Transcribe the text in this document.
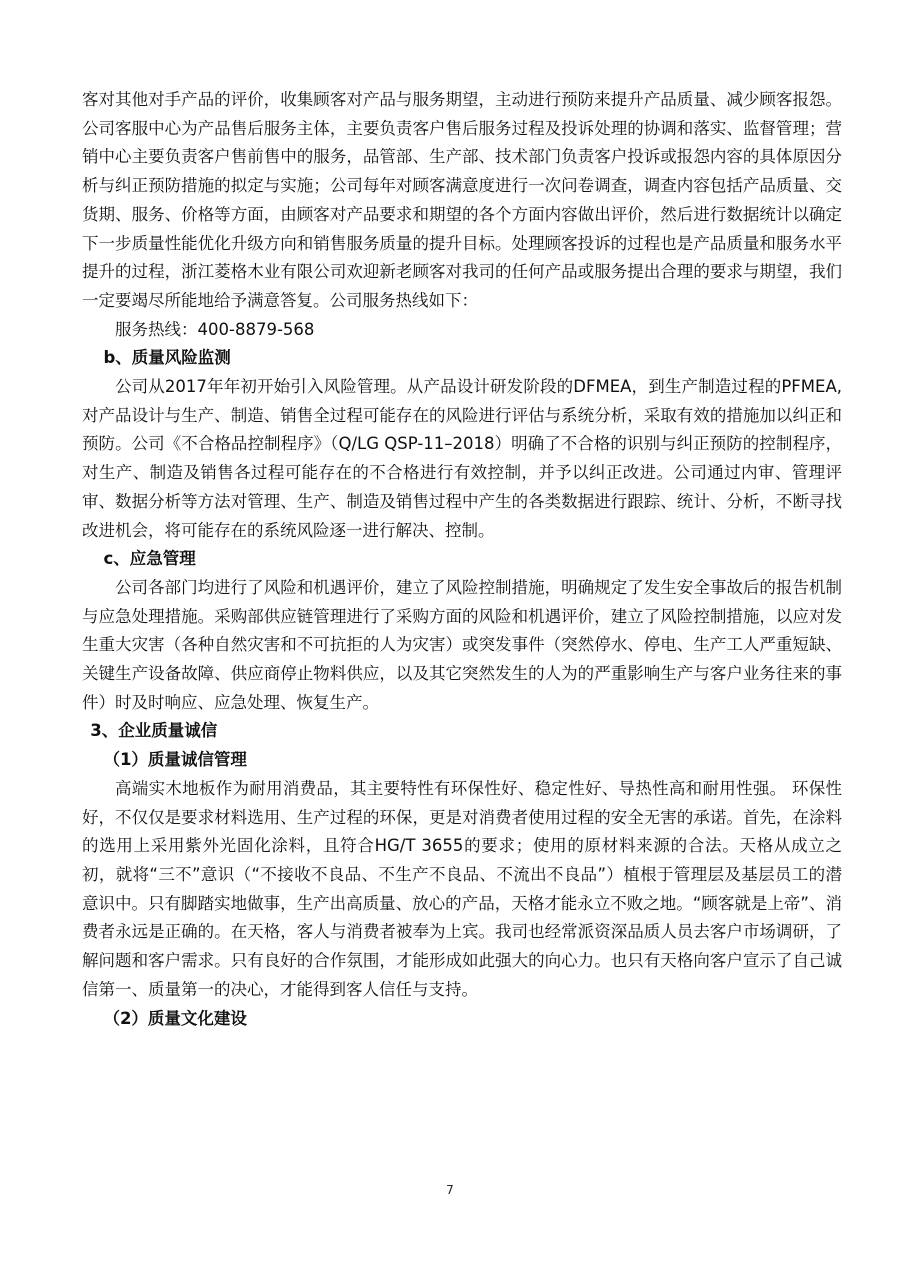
客对其他对手产品的评价，收集顾客对产品与服务期望，主动进行预防来提升产品质量、减少顾客报怨。公司客服中心为产品售后服务主体，主要负责客户售后服务过程及投诉处理的协调和落实、监督管理；营销中心主要负责客户售前售中的服务，品管部、生产部、技术部门负责客户投诉或报怨内容的具体原因分析与纠正预防措施的拟定与实施；公司每年对顾客满意度进行一次问卷调查，调查内容包括产品质量、交货期、服务、价格等方面，由顾客对产品要求和期望的各个方面内容做出评价，然后进行数据统计以确定下一步质量性能优化升级方向和销售服务质量的提升目标。处理顾客投诉的过程也是产品质量和服务水平提升的过程，浙江菱格木业有限公司欢迎新老顾客对我司的任何产品或服务提出合理的要求与期望，我们一定要竭尽所能地给予满意答复。公司服务热线如下：

服务热线：400-8879-568

b、质量风险监测

公司从2017年年初开始引入风险管理。从产品设计研发阶段的DFMEA，到生产制造过程的PFMEA,对产品设计与生产、制造、销售全过程可能存在的风险进行评估与系统分析，采取有效的措施加以纠正和预防。公司《不合格品控制程序》（Q/LG QSP-11–2018）明确了不合格的识别与纠正预防的控制程序，对生产、制造及销售各过程可能存在的不合格进行有效控制，并予以纠正改进。公司通过内审、管理评审、数据分析等方法对管理、生产、制造及销售过程中产生的各类数据进行跟踪、统计、分析，不断寻找改进机会，将可能存在的系统风险逐一进行解决、控制。

c、应急管理

公司各部门均进行了风险和机遇评价，建立了风险控制措施，明确规定了发生安全事故后的报告机制与应急处理措施。采购部供应链管理进行了采购方面的风险和机遇评价，建立了风险控制措施，以应对发生重大灾害（各种自然灾害和不可抗拒的人为灾害）或突发事件（突然停水、停电、生产工人严重短缺、关键生产设备故障、供应商停止物料供应，以及其它突然发生的人为的严重影响生产与客户业务往来的事件）时及时响应、应急处理、恢复生产。

3、企业质量诚信

（1）质量诚信管理

高端实木地板作为耐用消费品，其主要特性有环保性好、稳定性好、导热性高和耐用性强。 环保性好，不仅仅是要求材料选用、生产过程的环保，更是对消费者使用过程的安全无害的承诺。首先，在涂料的选用上采用紫外光固化涂料，且符合HG/T 3655的要求；使用的原材料来源的合法。天格从成立之初，就将“三不”意识（“不接收不良品、不生产不良品、不流出不良品”）植根于管理层及基层员工的潜意识中。只有脚踏实地做事，生产出高质量、放心的产品，天格才能永立不败之地。“顾客就是上帝”、消费者永远是正确的。在天格，客人与消费者被奉为上宾。我司也经常派资深品质人员去客户市场调研，了解问题和客户需求。只有良好的合作氛围，才能形成如此强大的向心力。也只有天格向客户宣示了自己诚信第一、质量第一的决心，才能得到客人信任与支持。

（2）质量文化建设

7
